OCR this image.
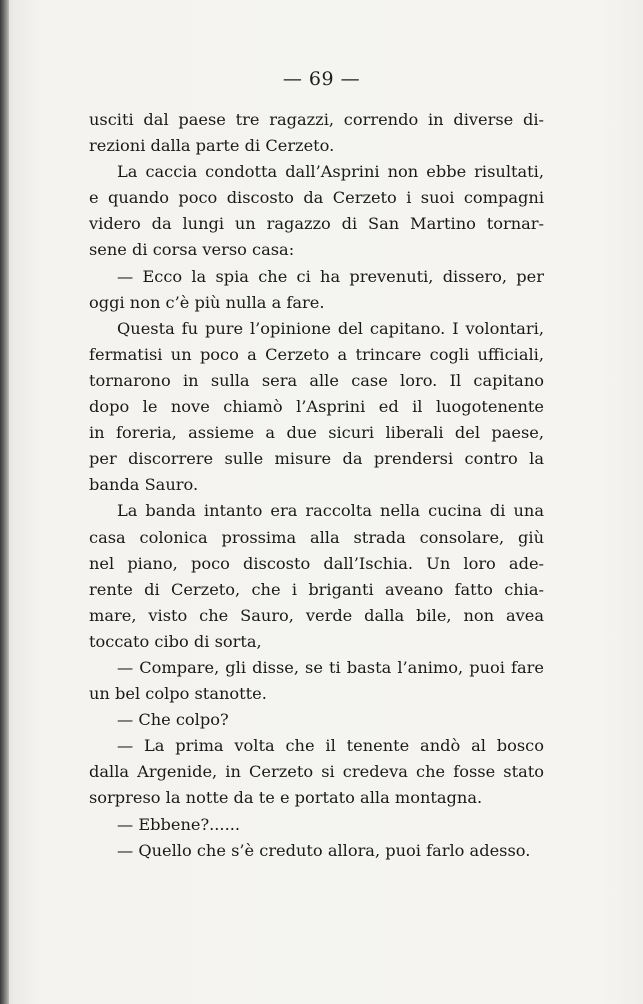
— 69 —
usciti dal paese tre ragazzi, correndo in diverse di-
rezioni dalla parte di Cerzeto.
La caccia condotta dall’Asprini non ebbe risultati,
e quando poco discosto da Cerzeto i suoi compagni
videro da lungi un ragazzo di San Martino tornar-
sene di corsa verso casa:
— Ecco la spia che ci ha prevenuti, dissero, per
oggi non c’è più nulla a fare.
Questa fu pure l’opinione del capitano. I volontari,
fermatisi un poco a Cerzeto a trincare cogli ufficiali,
tornarono in sulla sera alle case loro. Il capitano
dopo le nove chiamò l’Asprini ed il luogotenente
in foreria, assieme a due sicuri liberali del paese,
per discorrere sulle misure da prendersi contro la
banda Sauro.
La banda intanto era raccolta nella cucina di una
casa colonica prossima alla strada consolare, giù
nel piano, poco discosto dall’Ischia. Un loro ade-
rente di Cerzeto, che i briganti aveano fatto chia-
mare, visto che Sauro, verde dalla bile, non avea
toccato cibo di sorta,
— Compare, gli disse, se ti basta l’animo, puoi fare
un bel colpo stanotte.
— Che colpo?
— La prima volta che il tenente andò al bosco
dalla Argenide, in Cerzeto si credeva che fosse stato
sorpreso la notte da te e portato alla montagna.
— Ebbene?......
— Quello che s’è creduto allora, puoi farlo adesso.
